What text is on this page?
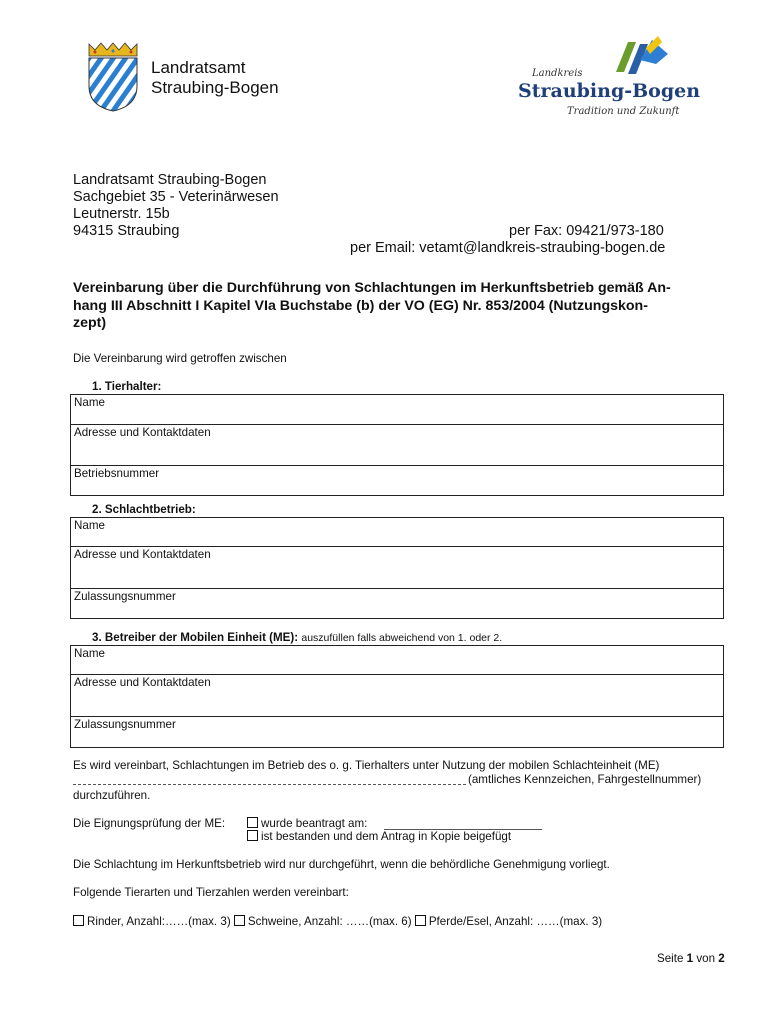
Landratsamt
Straubing-Bogen
Landkreis
Straubing-Bogen
Tradition und Zukunft
Landratsamt Straubing-Bogen
Sachgebiet 35 - Veterinärwesen
Leutnerstr. 15b
94315 Straubing	per Fax: 09421/973-180
per Email: vetamt@landkreis-straubing-bogen.de
Vereinbarung über die Durchführung von Schlachtungen im Herkunftsbetrieb gemäß An-
hang III Abschnitt I Kapitel VIa Buchstabe (b) der VO (EG) Nr. 853/2004 (Nutzungskon-
zept)
Die Vereinbarung wird getroffen zwischen
1. Tierhalter:
Name
Adresse und Kontaktdaten
Betriebsnummer
2. Schlachtbetrieb:
Name
Adresse und Kontaktdaten
Zulassungsnummer
3. Betreiber der Mobilen Einheit (ME): auszufüllen falls abweichend von 1. oder 2.
Name
Adresse und Kontaktdaten
Zulassungsnummer
Es wird vereinbart, Schlachtungen im Betrieb des o. g. Tierhalters unter Nutzung der mobilen Schlachteinheit (ME)
(amtliches Kennzeichen, Fahrgestellnummer)
durchzuführen.
Die Eignungsprüfung der ME:	wurde beantragt am:
ist bestanden und dem Antrag in Kopie beigefügt
Die Schlachtung im Herkunftsbetrieb wird nur durchgeführt, wenn die behördliche Genehmigung vorliegt.
Folgende Tierarten und Tierzahlen werden vereinbart:
Rinder, Anzahl:……(max. 3) Schweine, Anzahl: ……(max. 6) Pferde/Esel, Anzahl: ……(max. 3)
Seite 1 von 2
